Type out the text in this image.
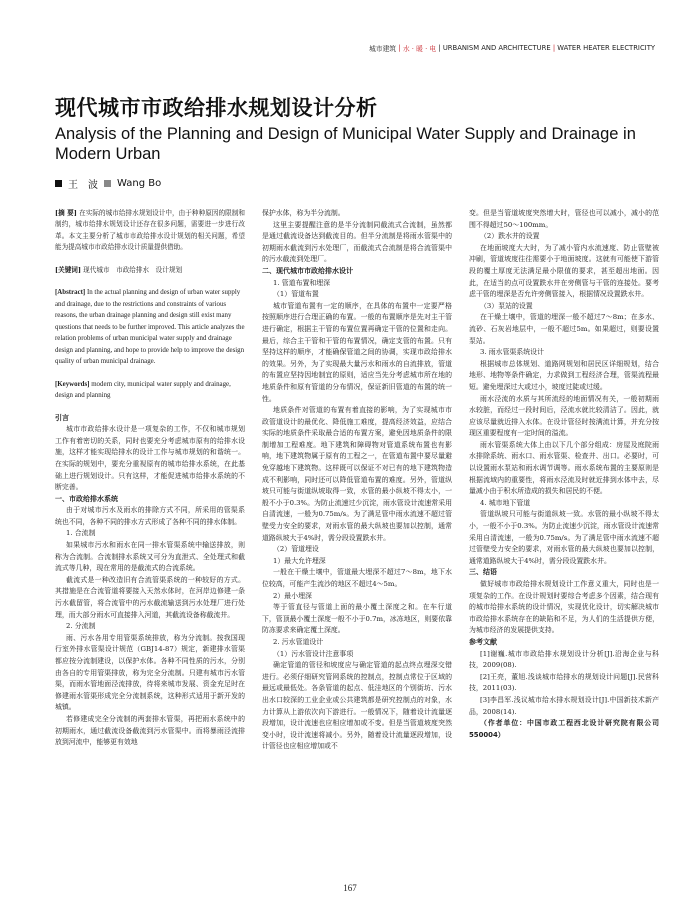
城市建筑
|
水 · 暖 · 电
|
URBANISM AND ARCHITECTURE
|
WATER HEATER ELECTRICITY
现代城市市政给排水规划设计分析
Analysis of the Planning and Design of Municipal Water Supply and Drainage in Modern Urban
王　波 Wang Bo

[摘 要] 在实际的城市给排水规划设计中，由于种种原因的限制和制约，城市给排水规划设计还存在很多问题，需要进一步进行改革。本文主要分析了城市市政给排水设计规划的相关问题，希望能为提高城市市政给排水设计质量提供借助。

[关键词] 现代城市　市政给排水　设计规划

[Abstract] In the actual planning and design of urban water supply and drainage, due to the restrictions and constraints of various reasons, the urban drainage planning and design still exist many questions that needs to be further improved. This article analyzes the relation problems of urban municipal water supply and drainage design and planning, and hope to provide help to improve the design quality of urban municipal drainage.

[Keywords] modern city, municipal water supply and drainage, design and planning

引言

城市市政给排水设计是一项复杂的工作，不仅和城市规划工作有着密切的关系，同时也要充分考虑城市原有的给排水设施，这样才能实现给排水的设计工作与城市规划的和谐统一。在实际的规划中，要充分重视原有的城市给排水系统，在此基础上进行规划设计。只有这样，才能促进城市给排水系统的不断完善。

一、市政给排水系统

由于对城市污水及雨水的排除方式不同，所采用的管渠系统也不同，各种不同的排水方式形成了各种不同的排水体制。

1. 合流制

如果城市污水和雨水在同一排水管渠系统中输送排放，则称为合流制。合流制排水系统又可分为直泄式、全处理式和截流式等几种，现在常用的是截流式的合流系统。

截流式是一种改造旧有合流管渠系统的一种较好的方式。其措施是在合流管道将要接入天然水体时，在河岸边修建一条污水截留管，将合流管中的污水截流输送到污水处理厂进行处理，而大部分雨水可直接排入河道，其截流设备称截流井。

2. 分流制

雨、污水各用专用管渠系统排放，称为分流制。按我国现行室外排水管渠设计规范（GBJ14-87）规定，新建排水管渠都应按分流制建设，以保护水体。各种不同性质的污水，分别由各自的专用管渠排放，称为完全分流制。只建有城市污水管渠，而雨水管地面泾流排放，待将来城市发展、资金充足时在修建雨水管渠形成完全分流制系统，这种形式适用于新开发的城镇。

若修建成完全分流制的两套排水管渠，再把雨水系统中的初期雨水，通过截流设备截流到污水管渠中。而将暴雨泾流排放到河流中，能够更有效地

保护水体，称为半分流制。

这里主要提醒注意的是半分流制同截流式合流制，虽然都是通过截流设备达到截流目的。但半分流制是将雨水管渠中的初期雨水截流到污水处理厂，而截流式合流制是将合流管渠中的污水截流到处理厂。

二、现代城市市政给排水设计

1. 管道布置和埋深

（1）管道布置

城市管道布置有一定的顺序，在具体的布置中一定要严格按照顺序进行合理正确的布置。一般的布置顺序是先对主干管进行确定，根据主干管的布置位置再确定干管的位置和走向。最后，综合主干管和干管的布置情况，确定支管的布置。只有坚持这样的顺序，才能确保管道之间的协调，实现市政给排水的效果。另外，为了实现最大量污水和雨水的自流排放，管道的布置应坚持因地制宜的原则，适应当先分考虑城市所在地的地质条件和原有管道的分布情况，保证新旧管道的布置的统一性。

地质条件对管道的布置有着直接的影响，为了实现城市市政管道设计的最优化、降低施工难度，提高经济效益，应结合实际的地质条件采取最合适的布置方案，避免因地质条件的限制增加工程难度。地下建筑和障碍物对管道系统布置也有影响，地下建筑物属于原有的工程之一，在管道布置中要尽量避免穿越地下建筑物。这样既可以保证不对已有的地下建筑物造成不利影响，同时还可以降低管道布置的难度。另外，管道纵坡只可能与街道纵坡取得一致，水管的最小纵坡不得太小，一般不小于0.3%。为防止流速过少沉淀，雨水管设计流速常采用自清流速，一般为0.75m/s。为了满足管中雨水流速不超过管壁受力安全的要求，对雨水管的最大纵坡也要加以控制，通常道路纵坡大于4%时，需分段设置跌水井。

（2）管道埋设

1）最大允许埋深

一般在干燥土壤中，管道最大埋深不超过7～8m，地下水位较高，可能产生流沙的地区不超过4～5m。

2）最小埋深

等于管直径与管道上面的最小覆土深度之和。在车行道下，管顶最小覆土深度一般不小于0.7m，冰冻地区，则要依靠防冻要求来确定覆土深度。

2. 污水管道设计

（1）污水管设计注意事项

确定管道的管径和坡度应与确定管道的起点终点埋深交错进行。必须仔细研究管网系统的控制点，控制点常位于区域的最远或最低处。各条管道的起点、低洼地区的个别街坊、污水出水口较深的工业企业或公共建筑都是研究控制点的对象，水力计算从上游依次向下游进行。一般情况下，随着设计流量逐段增加，设计流速也应相应增加或不变。但是当管道坡度突然变小时，设计流速将减小。另外，随着设计流量逐段增加，设计管径也应相应增加或不

变。但是当管道坡度突然增大时，管径也可以减小，减小的范围不得超过50～100mm。

（2）跌水井的设置

在地面坡度大大时，为了减小管内水流速度、防止管壁被冲刷，管道坡度往往需要小于地面坡度。这就有可能使下游管段的覆土厚度无法满足最小限值的要求，甚至超出地面。因此，在适当的点可设置跌水井在旁侧管与干管的连接处。要考虑干管的埋深是否允许旁侧管接入，根据情况设置跌水井。

（3）泵站的设置

在干燥土壤中，管道的埋深一般不超过7～8m；在多水、流砂、石灰岩地层中，一般不超过5m。如果超过，则要设置泵站。

3. 雨水管渠系统设计

根据城市总体规划、道路网规划和居民区详细规划，结合地形、地物等条件确定，力求做到工程经济合理，管渠流程最短。避免埋深过大或过小，坡度过陡或过缓。

雨水泾流的水质与其所流经的地面情况有关，一般初期雨水较脏，而经过一段时间后，泾流水就比较清洁了。因此，就应该尽量就近排入水体。在设计管径时按满流计算，并充分按现区重要程度有一定时间的溢流。

雨水管渠系统大体上由以下几个部分组成：房屋及庭院雨水排除系统、雨水口、雨水管渠、检查井、出口。必要时，可以设置雨水泵站和雨水调节调等。雨水系统布置的主要原则是根据流域内的重要性，将雨水泾流及时就近排到水体中去，尽量减小由于积水所造成的损失和居民的不便。

4. 城市地下管道

管道纵坡只可能与街道纵坡一致。水管的最小纵坡不得太小，一般不小于0.3%。为防止流速少沉淀，雨水管设计流速常采用自清流速，一般为0.75m/s。为了满足管中雨水流速不超过管壁受力安全的要求，对雨水管的最大纵坡也要加以控制，通常道路纵坡大于4%时，需分段设置跌水井。

三、结语

做好城市市政给排水规划设计工作意义重大，同时也是一项复杂的工作。在设计规划时要综合考虑多个因素，结合现有的城市给排水系统的设计情况，实现优化设计，切实解决城市市政给排水系统存在的缺陷和不足，为人们的生活提供方便，为城市经济的发展提供支持。

参考文献

[1]谢巍.城市市政给排水规划设计分析[J].沿海企业与科技，2009(08).

[2]王亮，董旭.浅谈城市给排水的规划设计问题[J].民营科技，2011(03).

[3]李昌军.浅议城市给水排水规划设计[J].中国新技术新产品，2008(14).

（作者单位：中国市政工程西北设计研究院有限公司 550004）

167
